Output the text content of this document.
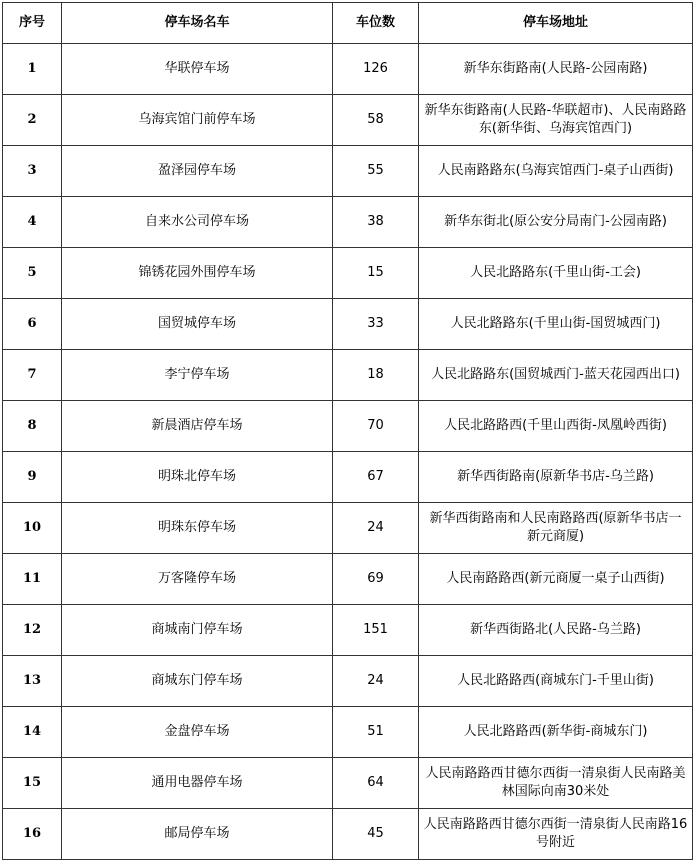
序号	停车场名车	车位数	停车场地址
1	华联停车场	126	新华东街路南(人民路-公园南路)
2	乌海宾馆门前停车场	58	新华东街路南(人民路-华联超市)、人民南路路东(新华街、乌海宾馆西门)
3	盈泽园停车场	55	人民南路路东(乌海宾馆西门-桌子山西街)
4	自来水公司停车场	38	新华东街北(原公安分局南门-公园南路)
5	锦锈花园外围停车场	15	人民北路路东(千里山街-工会)
6	国贸城停车场	33	人民北路路东(千里山街-国贸城西门)
7	李宁停车场	18	人民北路路东(国贸城西门-蓝天花园西出口)
8	新晨酒店停车场	70	人民北路路西(千里山西街-凤凰岭西街)
9	明珠北停车场	67	新华西街路南(原新华书店-乌兰路)
10	明珠东停车场	24	新华西街路南和人民南路路西(原新华书店一新元商厦)
11	万客隆停车场	69	人民南路路西(新元商厦一桌子山西街)
12	商城南门停车场	151	新华西街路北(人民路-乌兰路)
13	商城东门停车场	24	人民北路路西(商城东门-千里山街)
14	金盘停车场	51	人民北路路西(新华街-商城东门)
15	通用电器停车场	64	人民南路路西甘德尔西街一清泉街人民南路美林国际向南30米处
16	邮局停车场	45	人民南路路西甘德尔西街一清泉街人民南路16号附近
